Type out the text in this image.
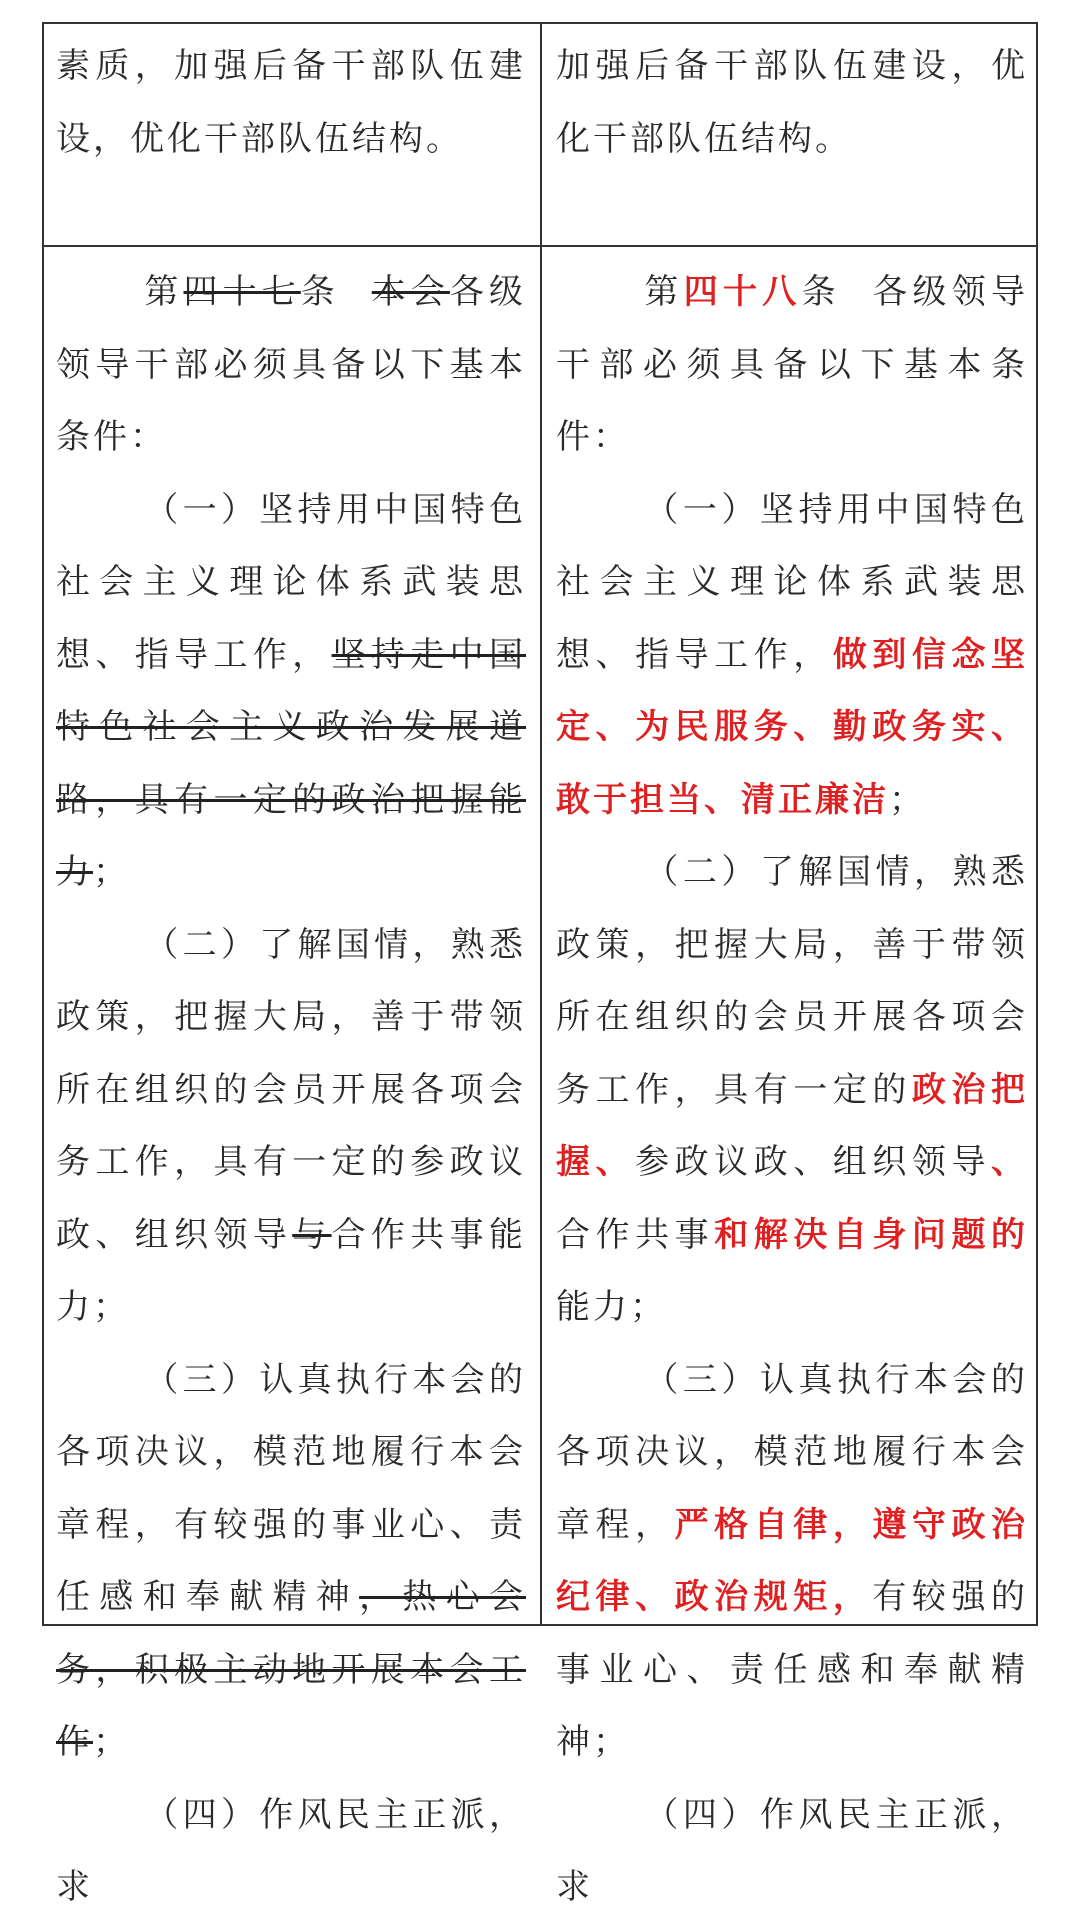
素质，加强后备干部队伍建设，优化干部队伍结构。

加强后备干部队伍建设，优化干部队伍结构。

第四十七条 本会各级领导干部必须具备以下基本条件：

（一）坚持用中国特色社会主义理论体系武装思想、指导工作，坚持走中国特色社会主义政治发展道路，具有一定的政治把握能力；

（二）了解国情，熟悉政策，把握大局，善于带领所在组织的会员开展各项会务工作，具有一定的参政议政、组织领导与合作共事能力；

（三）认真执行本会的各项决议，模范地履行本会章程，有较强的事业心、责任感和奉献精神，热心会务，积极主动地开展本会工作；

（四）作风民主正派，求

第四十八条 各级领导干部必须具备以下基本条件：

（一）坚持用中国特色社会主义理论体系武装思想、指导工作，做到信念坚定、为民服务、勤政务实、敢于担当、清正廉洁；

（二）了解国情，熟悉政策，把握大局，善于带领所在组织的会员开展各项会务工作，具有一定的政治把握、参政议政、组织领导、合作共事和解决自身问题的能力；

（三）认真执行本会的各项决议，模范地履行本会章程，严格自律，遵守政治纪律、政治规矩，有较强的事业心、责任感和奉献精神；

（四）作风民主正派，求
